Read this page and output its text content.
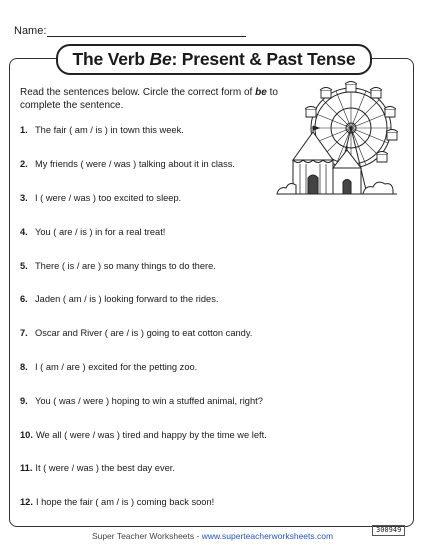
Name:
The Verb
Be : Present & Past Tense
Read the sentences below. Circle the correct form of be to complete the sentence.
1. The fair ( am / is ) in town this week.
2. My friends ( were / was ) talking about it in class.
3. I ( were / was ) too excited to sleep.
4. You ( are / is ) in for a real treat!
5. There ( is / are ) so many things to do there.
6. Jaden ( am / is ) looking forward to the rides.
7. Oscar and River ( are / is ) going to eat cotton candy.
8. I ( am / are ) excited for the petting zoo.
9. You ( was / were ) hoping to win a stuffed animal, right?
10. We all ( were / was ) tired and happy by the time we left.
11. It ( were / was ) the best day ever.
12. I hope the fair ( am / is ) coming back soon!
Super Teacher Worksheets - www.superteacherworksheets.com
300949
